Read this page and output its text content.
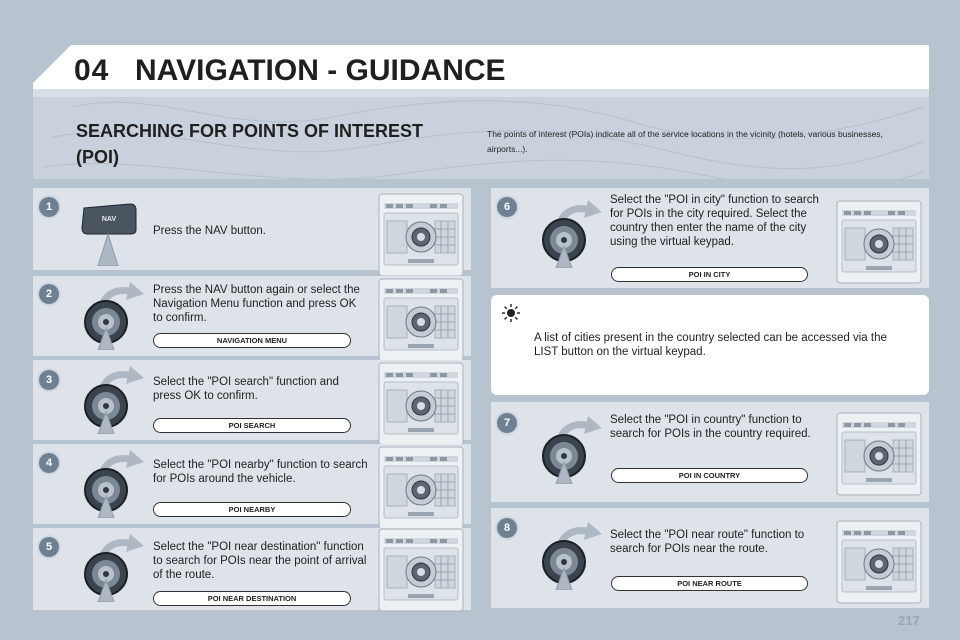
04 NAVIGATION - GUIDANCE
SEARCHING FOR POINTS OF INTEREST (POI)
The points of interest (POIs) indicate all of the service locations in the vicinity (hotels, various businesses, airports...).
1
NAV
Press the NAV button.
2	Press the NAV button again or select the Navigation Menu function and press OK to confirm.
NAVIGATION MENU
3	Select the "POI search" function and press OK to confirm.
POI SEARCH
4	Select the "POI nearby" function to search for POIs around the vehicle.
POI NEARBY
5	Select the "POI near destination" function to search for POIs near the point of arrival of the route.
POI NEAR DESTINATION
6
Select the "POI in city" function to search for POIs in the city required. Select the country then enter the name of the city using the virtual keypad.
POI IN CITY
A list of cities present in the country selected can be accessed via the LIST button on the virtual keypad.
7	Select the "POI in country" function to search for POIs in the country required.
POI IN COUNTRY
8
Select the "POI near route" function to search for POIs near the route.
POI NEAR ROUTE
217
